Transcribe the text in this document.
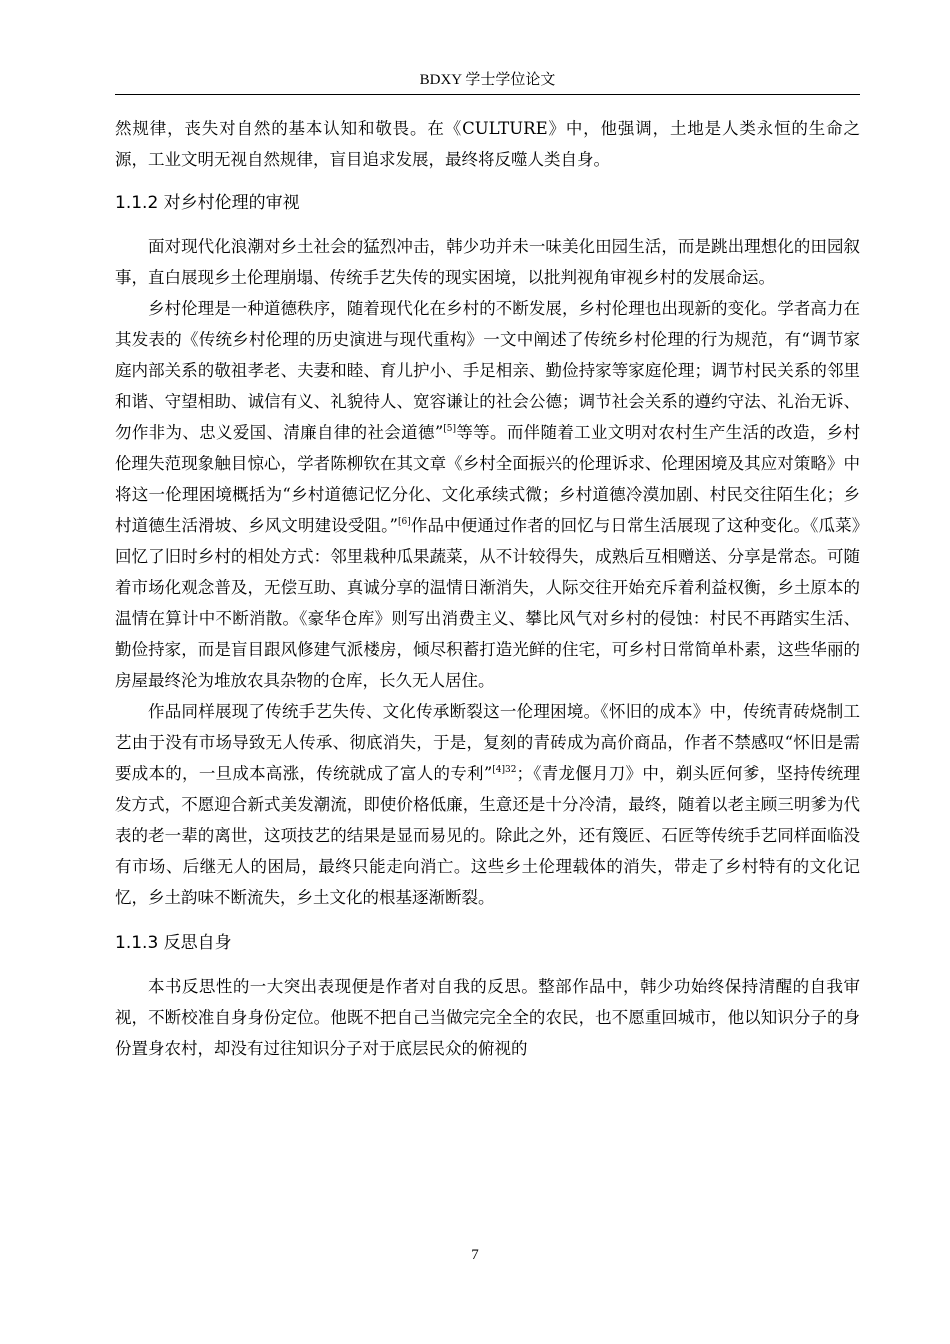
BDXY 学士学位论文

然规律，丧失对自然的基本认知和敬畏。在《CULTURE》中，他强调，土地是人类永恒的生命之源，工业文明无视自然规律，盲目追求发展，最终将反噬人类自身。

1.1.2 对乡村伦理的审视

面对现代化浪潮对乡土社会的猛烈冲击，韩少功并未一味美化田园生活，而是跳出理想化的田园叙事，直白展现乡土伦理崩塌、传统手艺失传的现实困境，以批判视角审视乡村的发展命运。

乡村伦理是一种道德秩序，随着现代化在乡村的不断发展，乡村伦理也出现新的变化。学者高力在其发表的《传统乡村伦理的历史演进与现代重构》一文中阐述了传统乡村伦理的行为规范，有“调节家庭内部关系的敬祖孝老、夫妻和睦、育儿护小、手足相亲、勤俭持家等家庭伦理；调节村民关系的邻里和谐、守望相助、诚信有义、礼貌待人、宽容谦让的社会公德；调节社会关系的遵约守法、礼治无诉、 勿作非为、忠义爱国、清廉自律的社会道德”[5]等等。而伴随着工业文明对农村生产生活的改造，乡村伦理失范现象触目惊心，学者陈柳钦在其文章《乡村全面振兴的伦理诉求、伦理困境及其应对策略》中将这一伦理困境概括为“乡村道德记忆分化、文化承续式微；乡村道德冷漠加剧、村民交往陌生化；乡村道德生活滑坡、乡风文明建设受阻。”[6]作品中便通过作者的回忆与日常生活展现了这种变化。《瓜菜》回忆了旧时乡村的相处方式：邻里栽种瓜果蔬菜，从不计较得失，成熟后互相赠送、分享是常态。可随着市场化观念普及，无偿互助、真诚分享的温情日渐消失，人际交往开始充斥着利益权衡，乡土原本的温情在算计中不断消散。《豪华仓库》则写出消费主义、攀比风气对乡村的侵蚀：村民不再踏实生活、勤俭持家，而是盲目跟风修建气派楼房，倾尽积蓄打造光鲜的住宅，可乡村日常简单朴素，这些华丽的房屋最终沦为堆放农具杂物的仓库，长久无人居住。

作品同样展现了传统手艺失传、文化传承断裂这一伦理困境。《怀旧的成本》中，传统青砖烧制工艺由于没有市场导致无人传承、彻底消失，于是，复刻的青砖成为高价商品，作者不禁感叹“怀旧是需要成本的，一旦成本高涨，传统就成了富人的专利”$^{[4]32}$；《青龙偃月刀》中，剃头匠何爹，坚持传统理发方式，不愿迎合新式美发潮流，即使价格低廉，生意还是十分冷清，最终，随着以老主顾三明爹为代表的老一辈的离世，这项技艺的结果是显而易见的。除此之外，还有篾匠、石匠等传统手艺同样面临没有市场、后继无人的困局，最终只能走向消亡。这些乡土伦理载体的消失，带走了乡村特有的文化记忆，乡土韵味不断流失，乡土文化的根基逐渐断裂。

1.1.3 反思自身

本书反思性的一大突出表现便是作者对自我的反思。整部作品中，韩少功始终保持清醒的自我审视，不断校准自身身份定位。他既不把自己当做完完全全的农民，也不愿重回城市，他以知识分子的身份置身农村，却没有过往知识分子对于底层民众的俯视的

7
